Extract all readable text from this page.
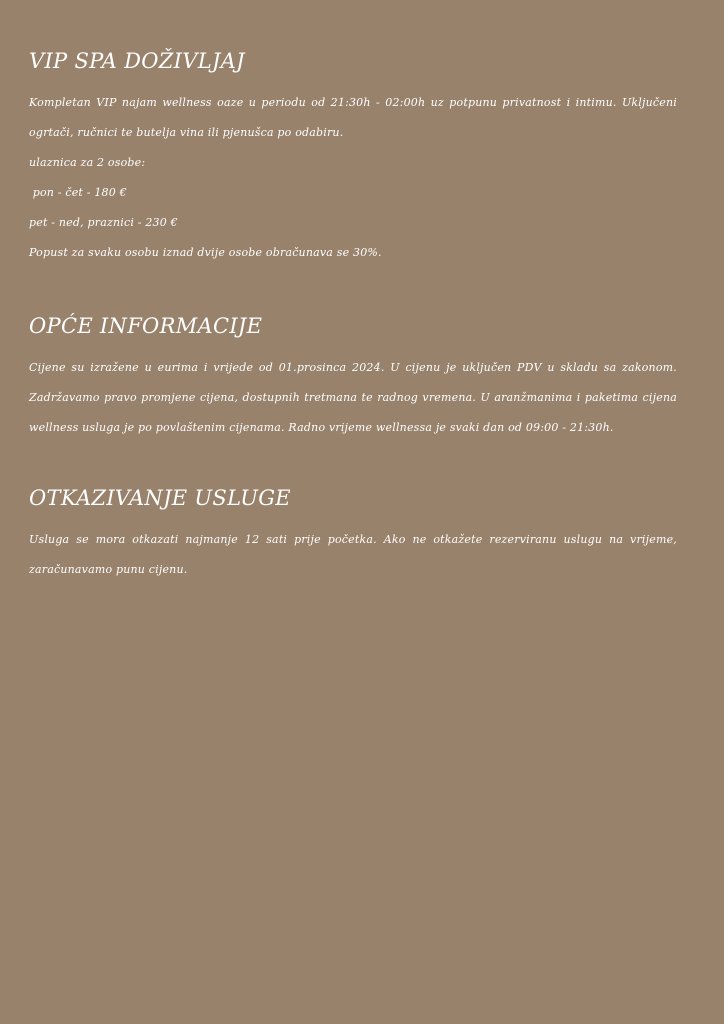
VIP SPA DOŽIVLJAJ

Kompletan VIP najam wellness oaze u periodu od 21:30h - 02:00h uz potpunu privatnost i intimu. Uključeni ogrtači, ručnici te butelja vina ili pjenušca po odabiru.

ulaznica za 2 osobe:

pon - čet - 180 €

pet - ned, praznici - 230 €

Popust za svaku osobu iznad dvije osobe obračunava se 30%.

OPĆE INFORMACIJE

Cijene su izražene u eurima i vrijede od 01.prosinca 2024. U cijenu je uključen PDV u skladu sa zakonom. Zadržavamo pravo promjene cijena, dostupnih tretmana te radnog vremena. U aranžmanima i paketima cijena wellness usluga je po povlaštenim cijenama. Radno vrijeme wellnessa je svaki dan od 09:00 - 21:30h.

OTKAZIVANJE USLUGE

Usluga se mora otkazati najmanje 12 sati prije početka. Ako ne otkažete rezerviranu uslugu na vrijeme, zaračunavamo punu cijenu.
